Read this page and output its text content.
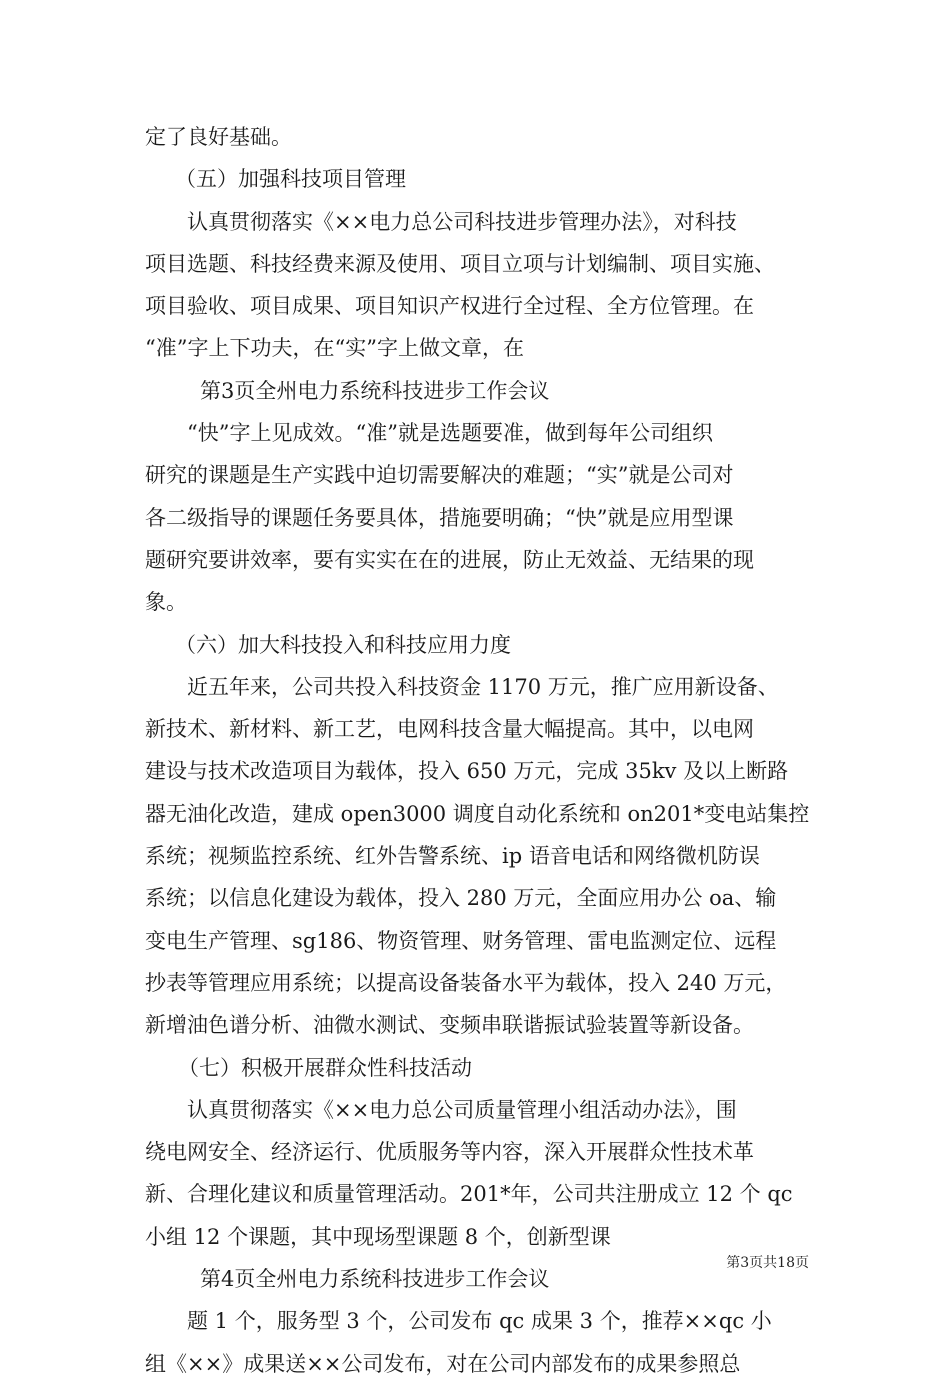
定了良好基础。
（五）加强科技项目管理
认真贯彻落实《××电力总公司科技进步管理办法》，对科技
项目选题、科技经费来源及使用、项目立项与计划编制、项目实施、
项目验收、项目成果、项目知识产权进行全过程、全方位管理。在
“准”字上下功夫，在“实”字上做文章，在
第3页全州电力系统科技进步工作会议
“快”字上见成效。“准”就是选题要准，做到每年公司组织
研究的课题是生产实践中迫切需要解决的难题；“实”就是公司对
各二级指导的课题任务要具体，措施要明确；“快”就是应用型课
题研究要讲效率，要有实实在在的进展，防止无效益、无结果的现
象。
（六）加大科技投入和科技应用力度
近五年来，公司共投入科技资金 1170 万元，推广应用新设备、
新技术、新材料、新工艺，电网科技含量大幅提高。其中，以电网
建设与技术改造项目为载体，投入 650 万元，完成 35kv 及以上断路
器无油化改造，建成 open3000 调度自动化系统和 on201*变电站集控
系统；视频监控系统、红外告警系统、ip 语音电话和网络微机防误
系统；以信息化建设为载体，投入 280 万元，全面应用办公 oa、输
变电生产管理、sg186、物资管理、财务管理、雷电监测定位、远程
抄表等管理应用系统；以提高设备装备水平为载体，投入 240 万元，
新增油色谱分析、油微水测试、变频串联谐振试验装置等新设备。
（七）积极开展群众性科技活动
认真贯彻落实《××电力总公司质量管理小组活动办法》，围
绕电网安全、经济运行、优质服务等内容，深入开展群众性技术革
新、合理化建议和质量管理活动。201*年，公司共注册成立 12 个 qc
小组 12 个课题，其中现场型课题 8 个，创新型课
第4页全州电力系统科技进步工作会议
题 1 个，服务型 3 个，公司发布 qc 成果 3 个，推荐××qc 小
组《××》成果送××公司发布，对在公司内部发布的成果参照总
第3页共18页
